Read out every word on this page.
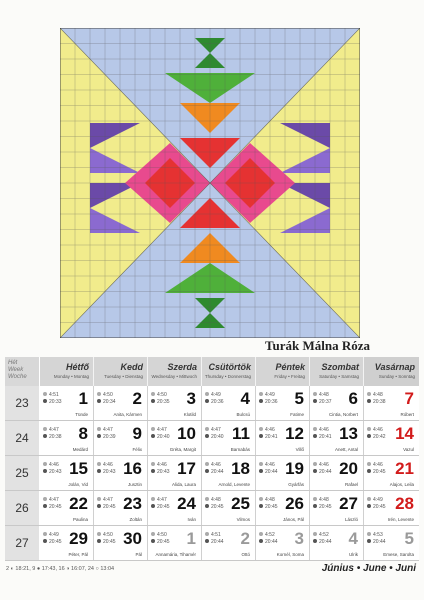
Turák Málna Róza
Hét
Week
Woche
Hétfő
Monday • Montag
Kedd
Tuesday • Dienstag
Szerda
Wednesday • Mittwoch
Csütörtök
Thursday • Donnerstag
Péntek
Friday • Freitag
Szombat
Saturday • Samstag
Vasárnap
Sunday • Sonntag
23	1
4:51
20:33
Tünde
2
4:50
20:34
Anita, Kármen
3
4:50
20:35
Klotild
4
4:49
20:36
Bulcsú
5
4:49
20:36
Fatime
6
4:48
20:37
Cintia, Norbert
7
4:48
20:38
Róbert
24	8
4:47
20:38
Medárd
9
4:47
20:39
Félix
10
4:47
20:40
Gréta, Margit
11
4:47
20:40
Barnabás
12
4:46
20:41
Villő
13
4:46
20:41
Anett, Antal
14
4:46
20:42
Vazul
25	15
4:46
20:43
Jolán, Vid
16
4:46
20:43
Jusztin
17
4:46
20:43
Alida, Laura
18
4:46
20:44
Arnold, Levente
19
4:46
20:44
Gyárfás
20
4:46
20:44
Rafael
21
4:46
20:45
Alajos, Leila
26	22
4:47
20:45
Paulina
23
4:47
20:45
Zoltán
24
4:47
20:45
Iván
25
4:48
20:45
Vilmos
26
4:48
20:45
János, Pál
27
4:48
20:45
László
28
4:49
20:45
Irén, Levente
27	29
4:49
20:45
Péter, Pál
30
4:50
20:45
Pál
1
4:50
20:45
Annamária, Tihamér
2
4:51
20:44
Ottó
3
4:52
20:44
Kornél, Soma
4
4:52
20:44
Ulrik
5
4:53
20:44
Emese, Sarolta
2 ◐ 18:21, 9 ● 17:43, 16 ◑ 16:07, 24 ○ 13:04	Június • June • Juni
